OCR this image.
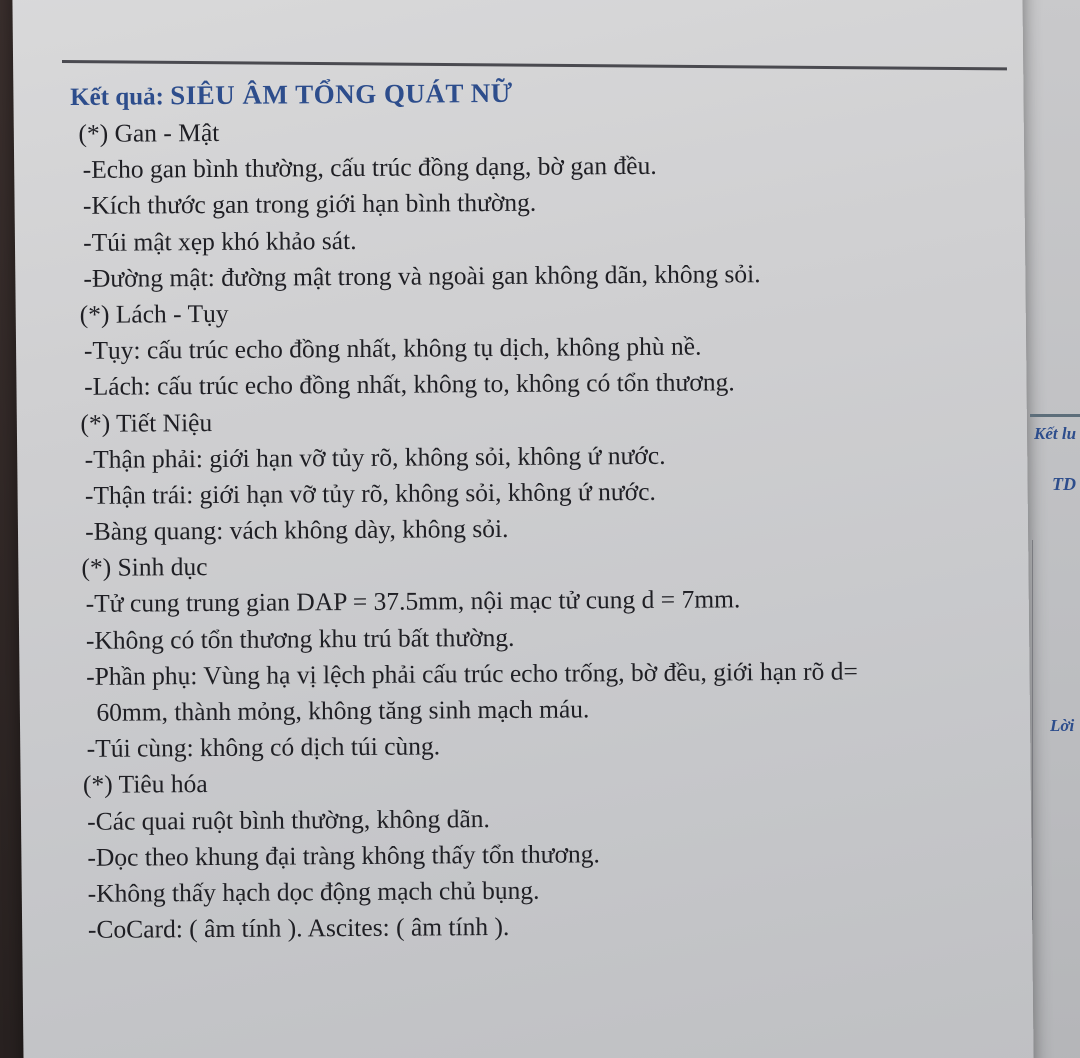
Kết quả: SIÊU ÂM TỔNG QUÁT NỮ
(*) Gan - Mật
-Echo gan bình thường, cấu trúc đồng dạng, bờ gan đều.
-Kích thước gan trong giới hạn bình thường.
-Túi mật xẹp khó khảo sát.
-Đường mật: đường mật trong và ngoài gan không dãn, không sỏi.
(*) Lách - Tụy
-Tụy: cấu trúc echo đồng nhất, không tụ dịch, không phù nề.
-Lách: cấu trúc echo đồng nhất, không to, không có tổn thương.
(*) Tiết Niệu
-Thận phải: giới hạn vỡ tủy rõ, không sỏi, không ứ nước.
-Thận trái: giới hạn vỡ tủy rõ, không sỏi, không ứ nước.
-Bàng quang: vách không dày, không sỏi.
(*) Sinh dục
-Tử cung trung gian DAP = 37.5mm, nội mạc tử cung d = 7mm.
-Không có tổn thương khu trú bất thường.
-Phần phụ: Vùng hạ vị lệch phải cấu trúc echo trống, bờ đều, giới hạn rõ d=
60mm, thành mỏng, không tăng sinh mạch máu.
-Túi cùng: không có dịch túi cùng.
(*) Tiêu hóa
-Các quai ruột bình thường, không dãn.
-Dọc theo khung đại tràng không thấy tổn thương.
-Không thấy hạch dọc động mạch chủ bụng.
-CoCard: ( âm tính ). Ascites: ( âm tính ).
Kết lu
TD
Lời
